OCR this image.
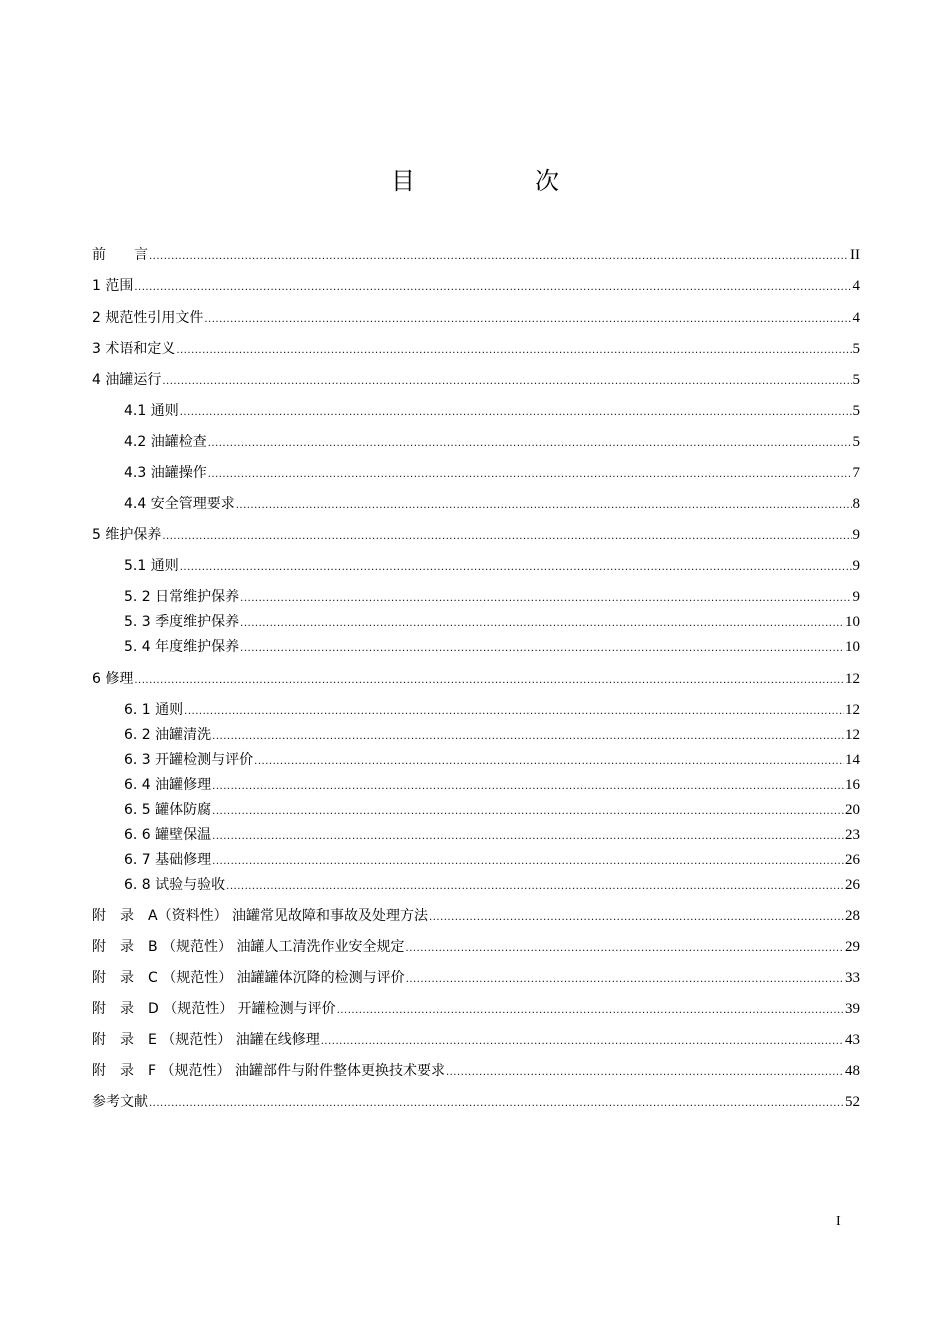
目　次
前　　言 .....	II
1 范围 .....	4
2 规范性引用文件 .....	4
3 术语和定义 .....	5
4 油罐运行 .....	5
4.1 通则 .....	5
4.2 油罐检查 .....	5
4.3 油罐操作 .....	7
4.4 安全管理要求 .....	8
5 维护保养 .....	9
5.1 通则 .....	9
5. 2 日常维护保养 .....	9
5. 3 季度维护保养 .....	10
5. 4 年度维护保养 .....	10
6 修理 .....	12
6. 1 通则 .....	12
6. 2 油罐清洗 .....	12
6. 3 开罐检测与评价 .....	14
6. 4 油罐修理 .....	16
6. 5 罐体防腐 .....	20
6. 6 罐壁保温 .....	23
6. 7 基础修理 .....	26
6. 8 试验与验收 .....	26
附　录　A（资料性） 油罐常见故障和事故及处理方法 .....	28
附　录　B （规范性） 油罐人工清洗作业安全规定 .....	29
附　录　C （规范性） 油罐罐体沉降的检测与评价 .....	33
附　录　D （规范性） 开罐检测与评价 .....	39
附　录　E （规范性） 油罐在线修理 .....	43
附　录　F （规范性） 油罐部件与附件整体更换技术要求 .....	48
参考文献 .....	52
I
